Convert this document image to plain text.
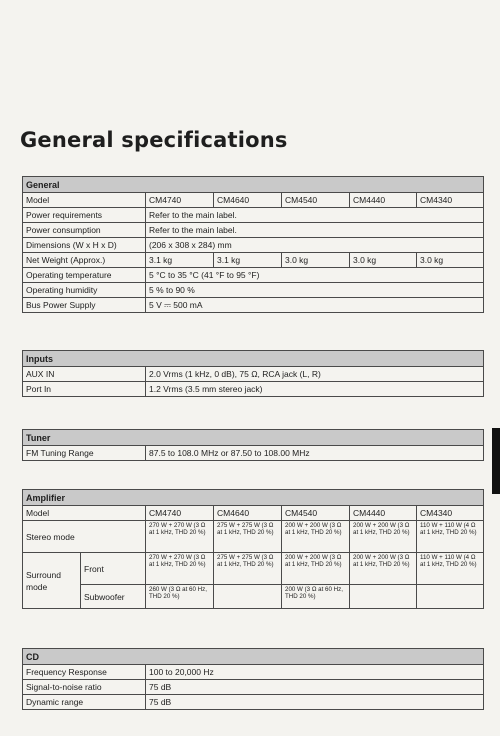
General specifications
General					
Model	CM4740	CM4640	CM4540	CM4440	CM4340
Power requirements	Refer to the main label.				
Power consumption	Refer to the main label.				
Dimensions (W x H x D)	(206 x 308 x 284) mm				
Net Weight (Approx.)	3.1 kg	3.1 kg	3.0 kg	3.0 kg	3.0 kg
Operating temperature	5 °C to 35 °C (41 °F to 95 °F)				
Operating humidity	5 % to 90 %				
Bus Power Supply	5 V ⎓ 500 mA				
Inputs	
AUX IN	2.0 Vrms (1 kHz, 0 dB), 75 Ω, RCA jack (L, R)
Port In	1.2 Vrms (3.5 mm stereo jack)
Tuner
FM Tuning Range	87.5 to 108.0 MHz or 87.50 to 108.00 MHz
Amplifier						
Model		CM4740	CM4640	CM4540	CM4440	CM4340
Stereo mode		270 W + 270 W (3 Ω at 1 kHz, THD 20 %)	275 W + 275 W (3 Ω at 1 kHz, THD 20 %)	200 W + 200 W (3 Ω at 1 kHz, THD 20 %)	200 W + 200 W (3 Ω at 1 kHz, THD 20 %)	110 W + 110 W (4 Ω at 1 kHz, THD 20 %)
Surround mode	Front	270 W + 270 W (3 Ω at 1 kHz, THD 20 %)	275 W + 275 W (3 Ω at 1 kHz, THD 20 %)	200 W + 200 W (3 Ω at 1 kHz, THD 20 %)	200 W + 200 W (3 Ω at 1 kHz, THD 20 %)	110 W + 110 W (4 Ω at 1 kHz, THD 20 %)
	Subwoofer	260 W (3 Ω at 60 Hz, THD 20 %)		200 W (3 Ω at 60 Hz, THD 20 %)		
CD	
Frequency Response	100 to 20,000 Hz
Signal-to-noise ratio	75 dB
Dynamic range	75 dB
